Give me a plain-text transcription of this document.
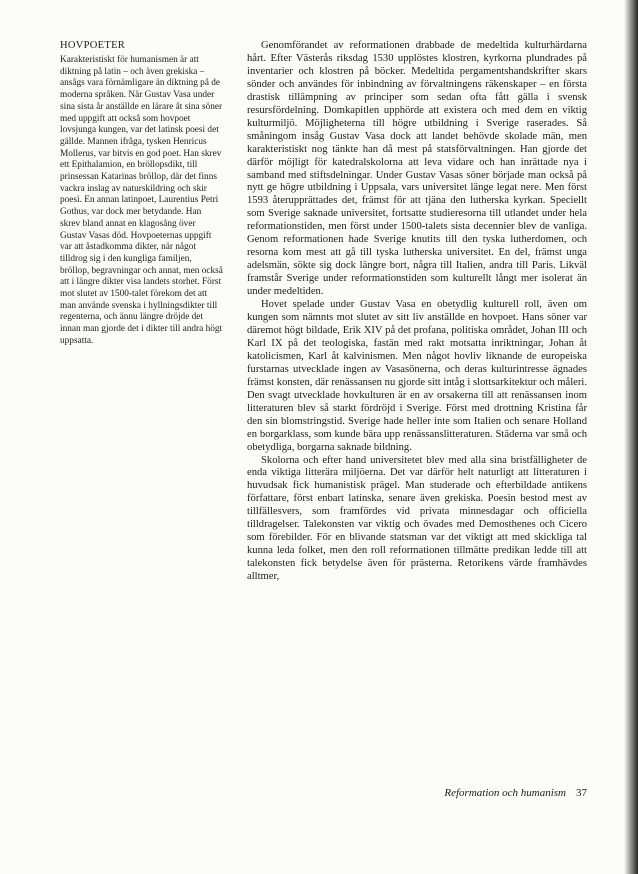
HOVPOETER

Karakteristiskt för humanismen är att diktning på latin – och även grekiska – ansågs vara förnämligare än diktning på de moderna språken. När Gustav Vasa under sina sista år anställde en lärare åt sina söner med uppgift att också som hovpoet lovsjunga kungen, var det latinsk poesi det gällde. Mannen ifråga, tysken Henricus Mollerus, var bitvis en god poet. Han skrev ett Epithalamion, en bröllopsdikt, till prinsessan Katarinas bröllop, där det finns vackra inslag av naturskildring och skir poesi. En annan latinpoet, Laurentius Petri Gothus, var dock mer betydande. Han skrev bland annat en klagosång över Gustav Vasas död. Hovpoeternas uppgift var att åstadkomma dikter, när något tilldrog sig i den kungliga familjen, bröllop, begravningar och annat, men också att i längre dikter visa landets storhet. Först mot slutet av 1500-talet förekom det att man använde svenska i hyllningsdikter till regenterna, och ännu längre dröjde det innan man gjorde det i dikter till andra högt uppsatta.

Genomförandet av reformationen drabbade de medeltida kulturhärdarna hårt. Efter Västerås riksdag 1530 upplöstes klostren, kyrkorna plundrades på inventarier och klostren på böcker. Medeltida pergamentshandskrifter skars sönder och användes för inbindning av förvaltningens räkenskaper – en första drastisk tillämpning av principer som sedan ofta fått gälla i svensk resursfördelning. Domkapitlen upphörde att existera och med dem en viktig kulturmiljö. Möjligheterna till högre utbildning i Sverige raserades. Så småningom insåg Gustav Vasa dock att landet behövde skolade män, men karakteristiskt nog tänkte han då mest på statsförvaltningen. Han gjorde det därför möjligt för katedralskolorna att leva vidare och han inrättade nya i samband med stiftsdelningar. Under Gustav Vasas söner började man också på nytt ge högre utbildning i Uppsala, vars universitet länge legat nere. Men först 1593 återupprättades det, främst för att tjäna den lutherska kyrkan. Speciellt som Sverige saknade universitet, fortsatte studieresorna till utlandet under hela reformationstiden, men först under 1500-talets sista decennier blev de vanliga. Genom reformationen hade Sverige knutits till den tyska lutherdomen, och resorna kom mest att gå till tyska lutherska universitet. En del, främst unga adelsmän, sökte sig dock längre bort, några till Italien, andra till Paris. Likväl framstår Sverige under reformationstiden som kulturellt långt mer isolerat än under medeltiden.

Hovet spelade under Gustav Vasa en obetydlig kulturell roll, även om kungen som nämnts mot slutet av sitt liv anställde en hovpoet. Hans söner var däremot högt bildade, Erik XIV på det profana, politiska området, Johan III och Karl IX på det teologiska, fastän med rakt motsatta inriktningar, Johan åt katolicismen, Karl åt kalvinismen. Men något hovliv liknande de europeiska furstarnas utvecklade ingen av Vasasönerna, och deras kulturintresse ägnades främst konsten, där renässansen nu gjorde sitt intåg i slottsarkitektur och måleri. Den svagt utvecklade hovkulturen är en av orsakerna till att renässansen inom litteraturen blev så starkt fördröjd i Sverige. Först med drottning Kristina får den sin blomstringstid. Sverige hade heller inte som Italien och senare Holland en borgarklass, som kunde bära upp renässanslitteraturen. Städerna var små och obetydliga, borgarna saknade bildning.

Skolorna och efter hand universitetet blev med alla sina bristfälligheter de enda viktiga litterära miljöerna. Det var därför helt naturligt att litteraturen i huvudsak fick humanistisk prägel. Man studerade och efterbildade antikens författare, först enbart latinska, senare även grekiska. Poesin bestod mest av tillfällesvers, som framfördes vid privata minnesdagar och officiella tilldragelser. Talekonsten var viktig och övades med Demosthenes och Cicero som förebilder. För en blivande statsman var det viktigt att med skickliga tal kunna leda folket, men den roll reformationen tillmätte predikan ledde till att talekonsten fick betydelse även för prästerna. Retorikens värde framhävdes alltmer,

Reformation och humanism 37
